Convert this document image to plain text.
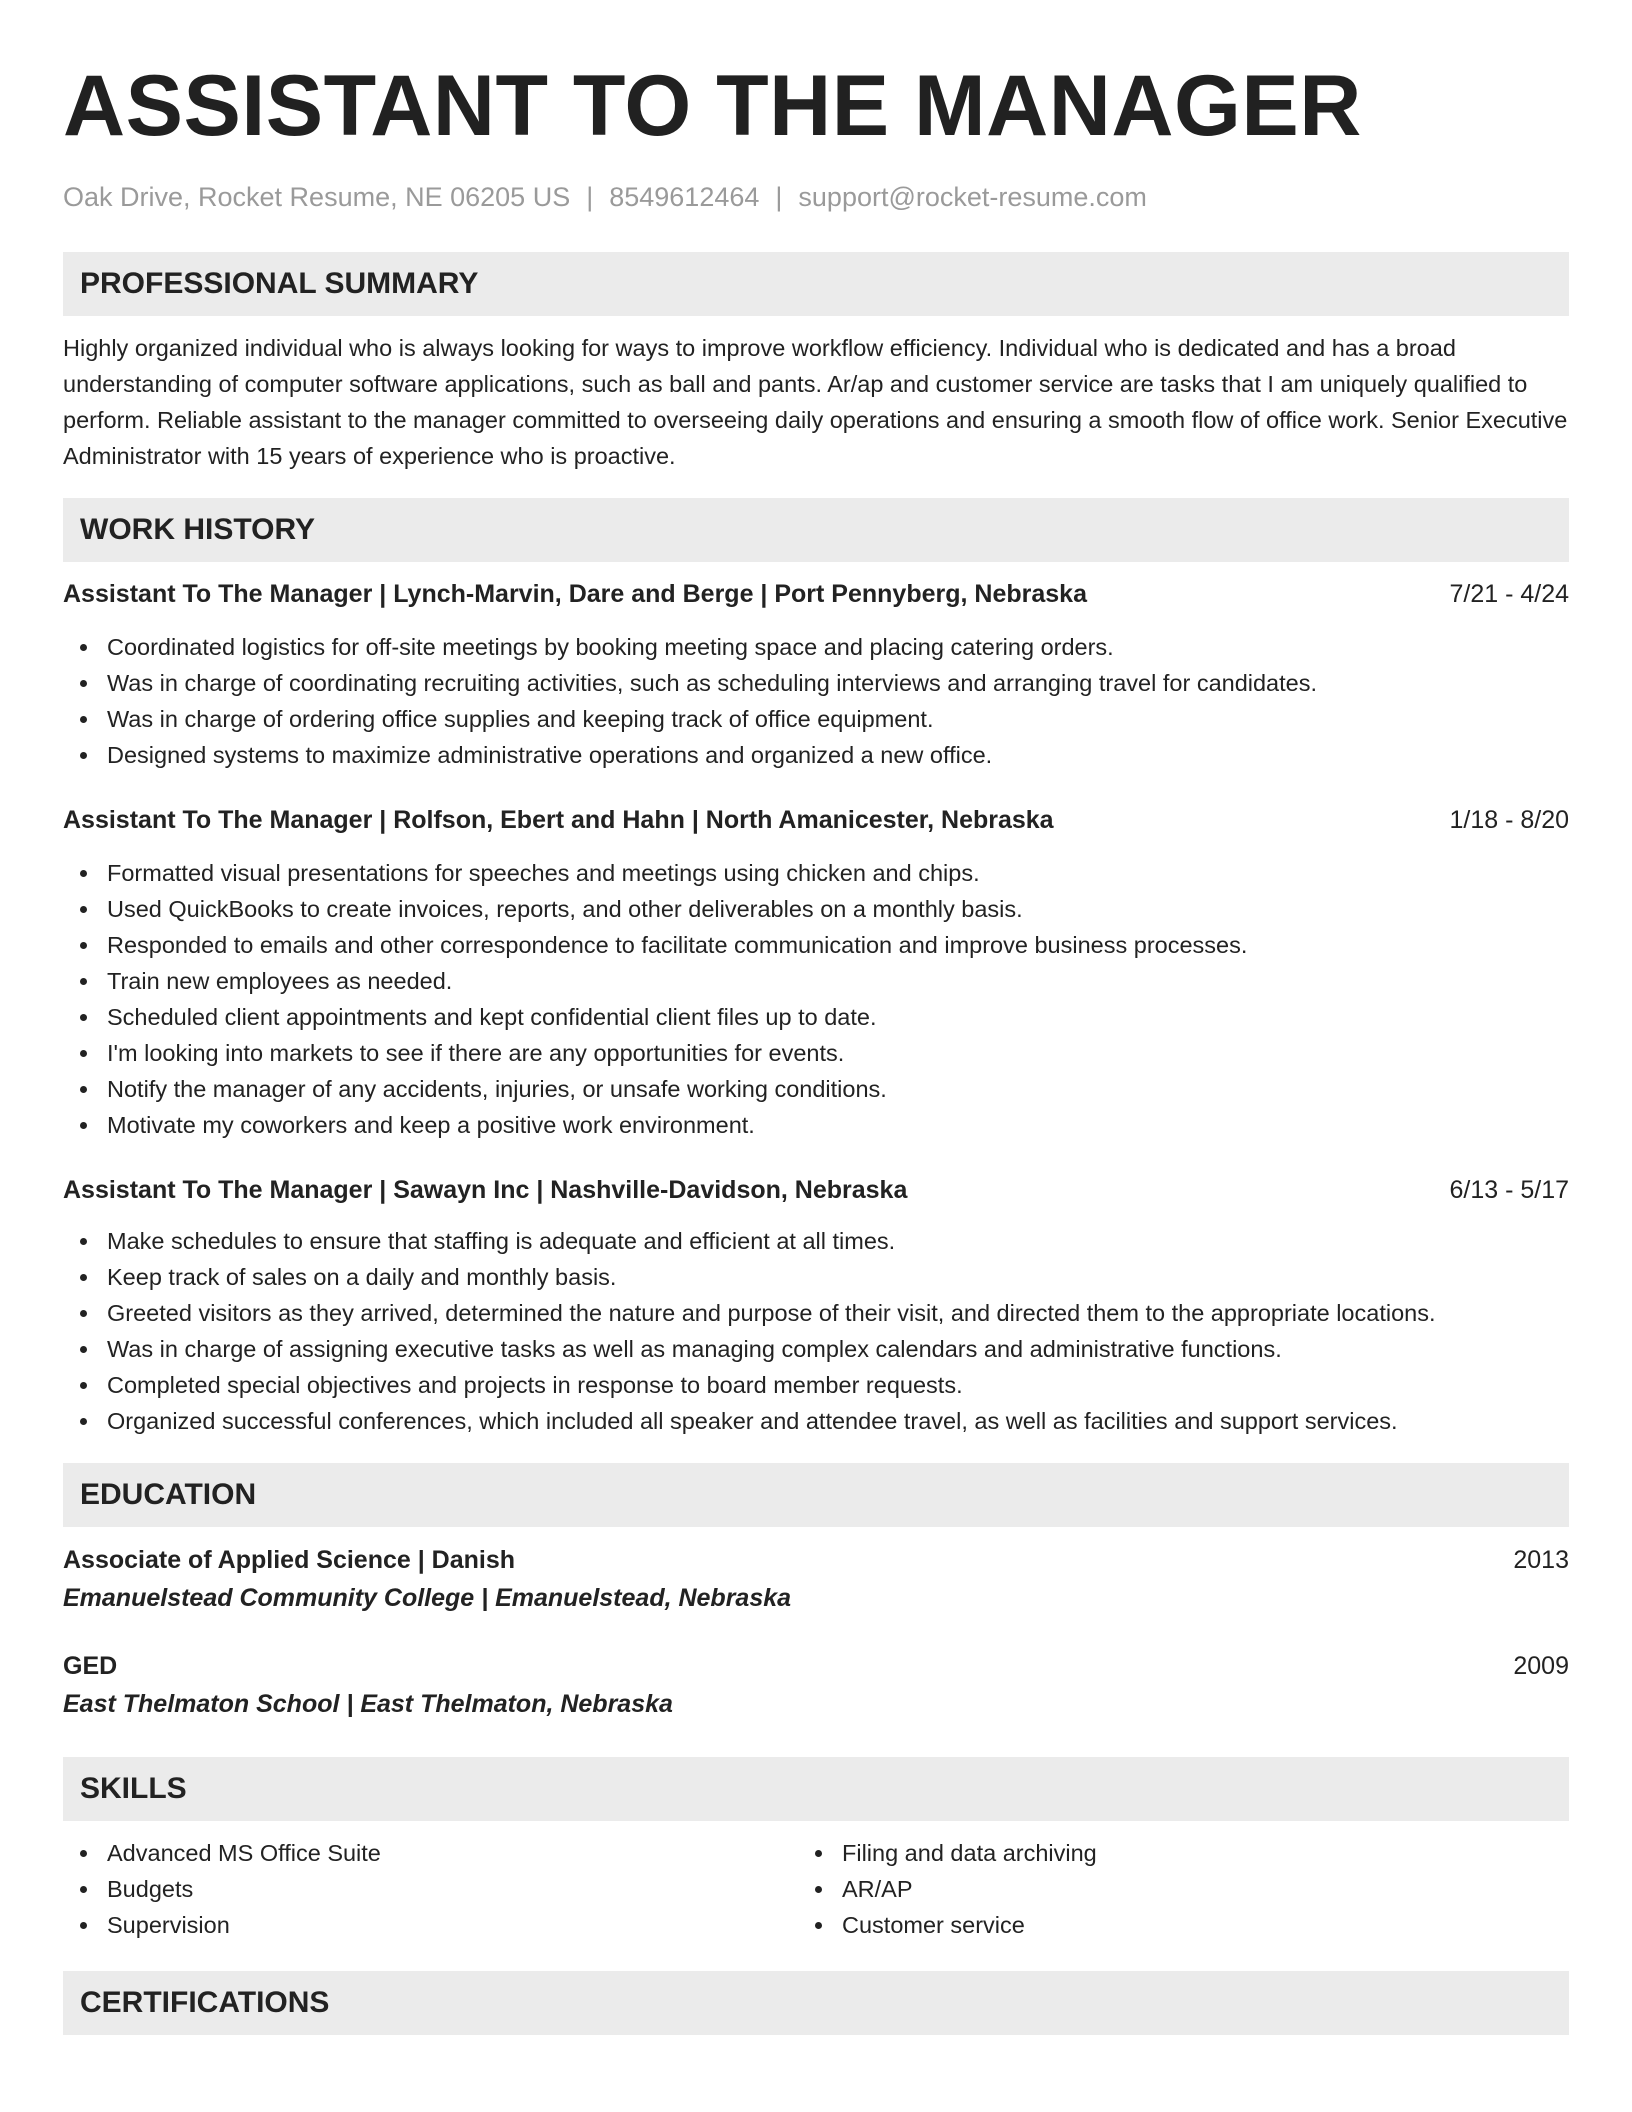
ASSISTANT TO THE MANAGER
Oak Drive, Rocket Resume, NE 06205 US | 8549612464 | support@rocket-resume.com
PROFESSIONAL SUMMARY

Highly organized individual who is always looking for ways to improve workflow efficiency. Individual who is dedicated and has a broad understanding of computer software applications, such as ball and pants. Ar/ap and customer service are tasks that I am uniquely qualified to perform. Reliable assistant to the manager committed to overseeing daily operations and ensuring a smooth flow of office work. Senior Executive Administrator with 15 years of experience who is proactive.

WORK HISTORY
Assistant To The Manager | Lynch-Marvin, Dare and Berge | Port Pennyberg, Nebraska	7/21 - 4/24
Coordinated logistics for off-site meetings by booking meeting space and placing catering orders.
Was in charge of coordinating recruiting activities, such as scheduling interviews and arranging travel for candidates.
Was in charge of ordering office supplies and keeping track of office equipment.
Designed systems to maximize administrative operations and organized a new office.
Assistant To The Manager | Rolfson, Ebert and Hahn | North Amanicester, Nebraska	1/18 - 8/20
Formatted visual presentations for speeches and meetings using chicken and chips.
Used QuickBooks to create invoices, reports, and other deliverables on a monthly basis.
Responded to emails and other correspondence to facilitate communication and improve business processes.
Train new employees as needed.
Scheduled client appointments and kept confidential client files up to date.
I'm looking into markets to see if there are any opportunities for events.
Notify the manager of any accidents, injuries, or unsafe working conditions.
Motivate my coworkers and keep a positive work environment.
Assistant To The Manager | Sawayn Inc | Nashville-Davidson, Nebraska	6/13 - 5/17
Make schedules to ensure that staffing is adequate and efficient at all times.
Keep track of sales on a daily and monthly basis.
Greeted visitors as they arrived, determined the nature and purpose of their visit, and directed them to the appropriate locations.
Was in charge of assigning executive tasks as well as managing complex calendars and administrative functions.
Completed special objectives and projects in response to board member requests.
Organized successful conferences, which included all speaker and attendee travel, as well as facilities and support services.
EDUCATION
Associate of Applied Science | Danish	2013
Emanuelstead Community College | Emanuelstead, Nebraska
GED	2009
East Thelmaton School | East Thelmaton, Nebraska
SKILLS
Advanced MS Office Suite
Budgets
Supervision
Filing and data archiving
AR/AP
Customer service
CERTIFICATIONS
